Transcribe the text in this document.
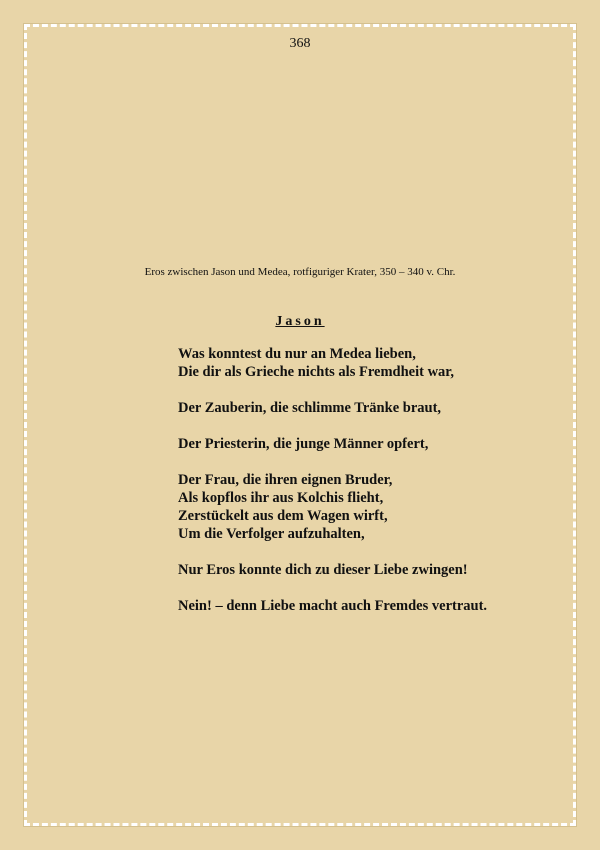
368
Eros zwischen Jason und Medea, rotfiguriger Krater, 350 – 340 v. Chr.
Jason
Was konntest du nur an Medea lieben,
Die dir als Grieche nichts als Fremdheit war,
Der Zauberin, die schlimme Tränke braut,
Der Priesterin, die junge Männer opfert,
Der Frau, die ihren eignen Bruder,
Als kopflos ihr aus Kolchis flieht,
Zerstückelt aus dem Wagen wirft,
Um die Verfolger aufzuhalten,
Nur Eros konnte dich zu dieser Liebe zwingen!
Nein! – denn Liebe macht auch Fremdes vertraut.
